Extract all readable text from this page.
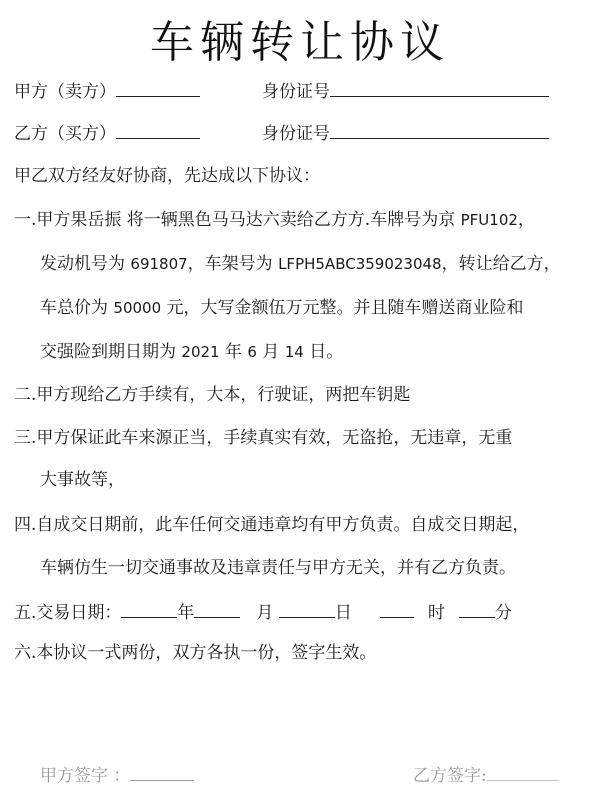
车辆转让协议
甲方（卖方）	身份证号
乙方（买方）	身份证号
甲乙双方经友好协商，先达成以下协议：
一.甲方果岳振 将一辆黑色马马达六卖给乙方方.车牌号为京 PFU102，
发动机号为 691807，车架号为 LFPH5ABC359023048，转让给乙方，
车总价为 50000 元，大写金额伍万元整。并且随车赠送商业险和
交强险到期日期为 2021 年 6 月 14 日。
二.甲方现给乙方手续有，大本，行驶证，两把车钥匙
三.甲方保证此车来源正当，手续真实有效，无盗抢，无违章，无重
大事故等，
四.自成交日期前，此车任何交通违章均有甲方负责。自成交日期起，
车辆仿生一切交通事故及违章责任与甲方无关，并有乙方负责。
五.交易日期：	年	月	日	时	分
六.本协议一式两份，双方各执一份，签字生效。
甲方签字 ：	乙方签字:
